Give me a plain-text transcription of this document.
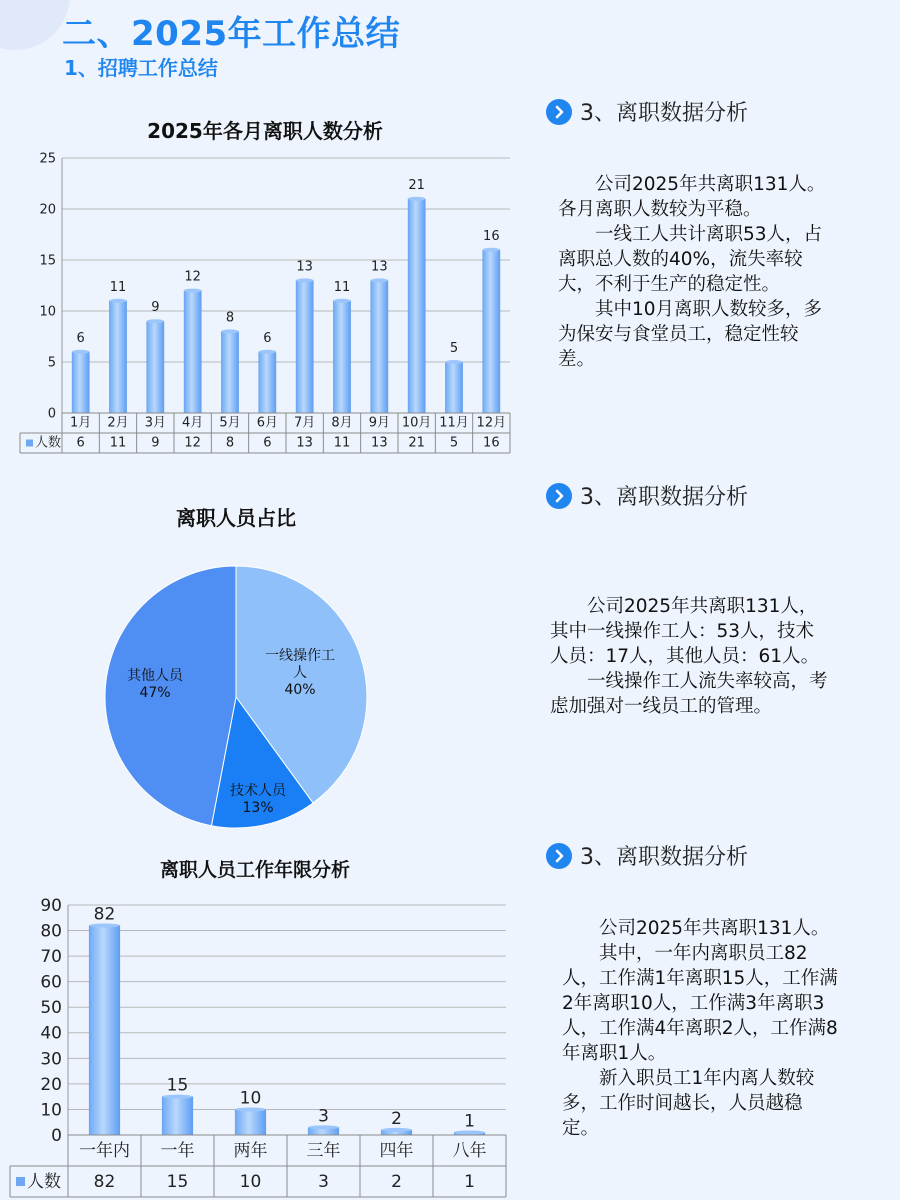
二、2025年工作总结
1、招聘工作总结
3、离职数据分析

公司2025年共离职131人。各月离职人数较为平稳。

一线工人共计离职53人，占离职总人数的40%，流失率较大，不利于生产的稳定性。

其中10月离职人数较多，多为保安与食堂员工，稳定性较差。

3、离职数据分析

公司2025年共离职131人，其中一线操作工人：53人，技术人员：17人，其他人员：61人。

一线操作工人流失率较高，考虑加强对一线员工的管理。

3、离职数据分析

公司2025年共离职131人。

其中，一年内离职员工82人，工作满1年离职15人，工作满2年离职10人，工作满3年离职3人，工作满4年离职2人，工作满8年离职1人。

新入职员工1年内离人数较多，工作时间越长，人员越稳定。

2025年各月离职人数分析
0
5
10
15
20
25
6
11
9
12
8
6
13
11
13
21
5
16
1月
6
2月
11
3月
9
4月
12
5月
8
6月
6
7月
13
8月
11
9月
13
10月
21
11月
5
12月
16
人数
离职人员占比
一线操作工
人
40%
技术人员
13%
其他人员
47%
离职人员工作年限分析
0
10
20
30
40
50
60
70
80
90 82
15
10
3	2	1
一年内
82
一年
15
两年
10
三年
3
四年
2
八年
1
人数
